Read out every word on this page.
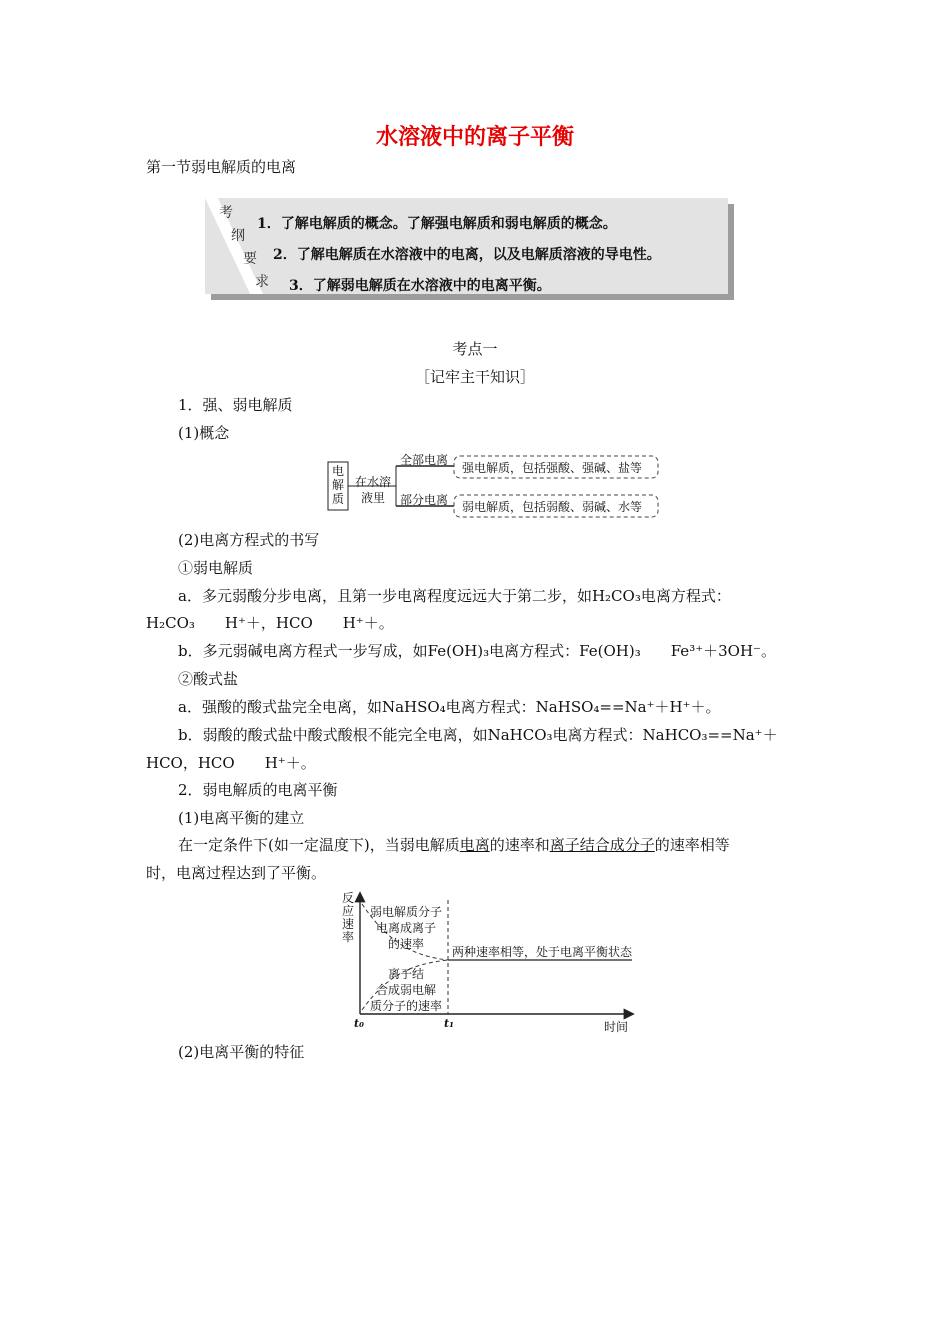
水溶液中的离子平衡
第一节弱电解质的电离
考
纲
要
求
1．了解电解质的概念。了解强电解质和弱电解质的概念。
2．了解电解质在水溶液中的电离，以及电解质溶液的导电性。
3．了解弱电解质在水溶液中的电离平衡。
考点一
［记牢主干知识］
1．强、弱电解质
(1)概念
电解质
在水溶液里
全部电离
部分电离
强电解质，包括强酸、强碱、盐等
弱电解质，包括弱酸、弱碱、水等
(2)电离方程式的书写
①弱电解质
a．多元弱酸分步电离，且第一步电离程度远远大于第二步，如H₂CO₃电离方程式：
H₂CO₃　　H⁺＋，HCO　　H⁺＋。
b．多元弱碱电离方程式一步写成，如Fe(OH)₃电离方程式：Fe(OH)₃　　Fe³⁺＋3OH⁻。
②酸式盐
a．强酸的酸式盐完全电离，如NaHSO₄电离方程式：NaHSO₄==Na⁺＋H⁺＋。
b．弱酸的酸式盐中酸式酸根不能完全电离，如NaHCO₃电离方程式：NaHCO₃==Na⁺＋
HCO，HCO　　H⁺＋。
2．弱电解质的电离平衡
(1)电离平衡的建立
在一定条件下(如一定温度下)，当弱电解质电离的速率和离子结合成分子的速率相等
时，电离过程达到了平衡。
反
应
速
率
弱电解质分子
电离成离子
的速率
离子结
合成弱电解
质分子的速率
两种速率相等，处于电离平衡状态
t₀	t₁	时间
(2)电离平衡的特征
